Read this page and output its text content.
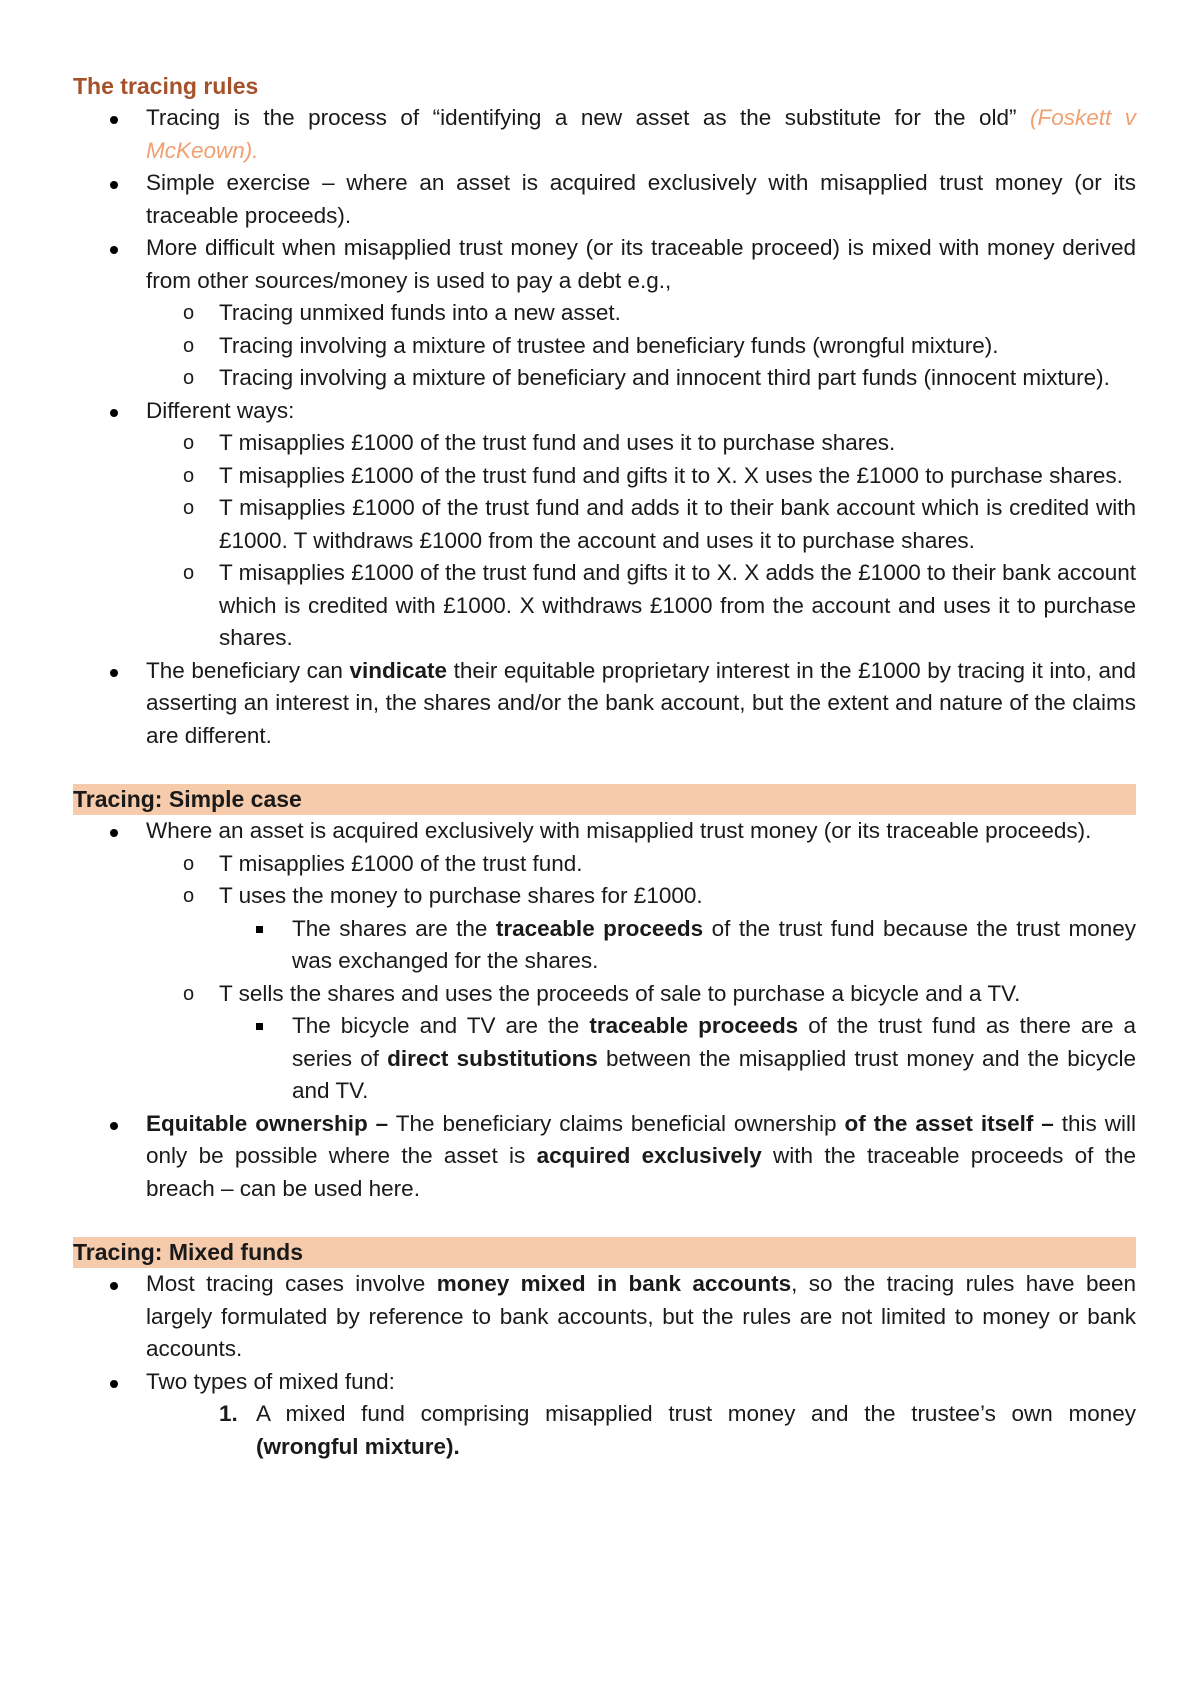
The tracing rules
Tracing is the process of “identifying a new asset as the substitute for the old” (Foskett v McKeown).
Simple exercise – where an asset is acquired exclusively with misapplied trust money (or its traceable proceeds).
More difficult when misapplied trust money (or its traceable proceed) is mixed with money derived from other sources/money is used to pay a debt e.g.,
o Tracing unmixed funds into a new asset.
o Tracing involving a mixture of trustee and beneficiary funds (wrongful mixture).
o Tracing involving a mixture of beneficiary and innocent third part funds (innocent mixture).
Different ways:
o T misapplies £1000 of the trust fund and uses it to purchase shares.
o T misapplies £1000 of the trust fund and gifts it to X. X uses the £1000 to purchase shares.
o T misapplies £1000 of the trust fund and adds it to their bank account which is credited with £1000. T withdraws £1000 from the account and uses it to purchase shares.
o T misapplies £1000 of the trust fund and gifts it to X. X adds the £1000 to their bank account which is credited with £1000. X withdraws £1000 from the account and uses it to purchase shares.
The beneficiary can vindicate their equitable proprietary interest in the £1000 by tracing it into, and asserting an interest in, the shares and/or the bank account, but the extent and nature of the claims are different.
Tracing: Simple case
Where an asset is acquired exclusively with misapplied trust money (or its traceable proceeds).
o T misapplies £1000 of the trust fund.
o T uses the money to purchase shares for £1000.
The shares are the traceable proceeds of the trust fund because the trust money was exchanged for the shares.
o T sells the shares and uses the proceeds of sale to purchase a bicycle and a TV.
The bicycle and TV are the traceable proceeds of the trust fund as there are a series of direct substitutions between the misapplied trust money and the bicycle and TV.
Equitable ownership – The beneficiary claims beneficial ownership of the asset itself – this will only be possible where the asset is acquired exclusively with the traceable proceeds of the breach – can be used here.
Tracing: Mixed funds
Most tracing cases involve money mixed in bank accounts, so the tracing rules have been largely formulated by reference to bank accounts, but the rules are not limited to money or bank accounts.
Two types of mixed fund:
1. A mixed fund comprising misapplied trust money and the trustee’s own money (wrongful mixture).
